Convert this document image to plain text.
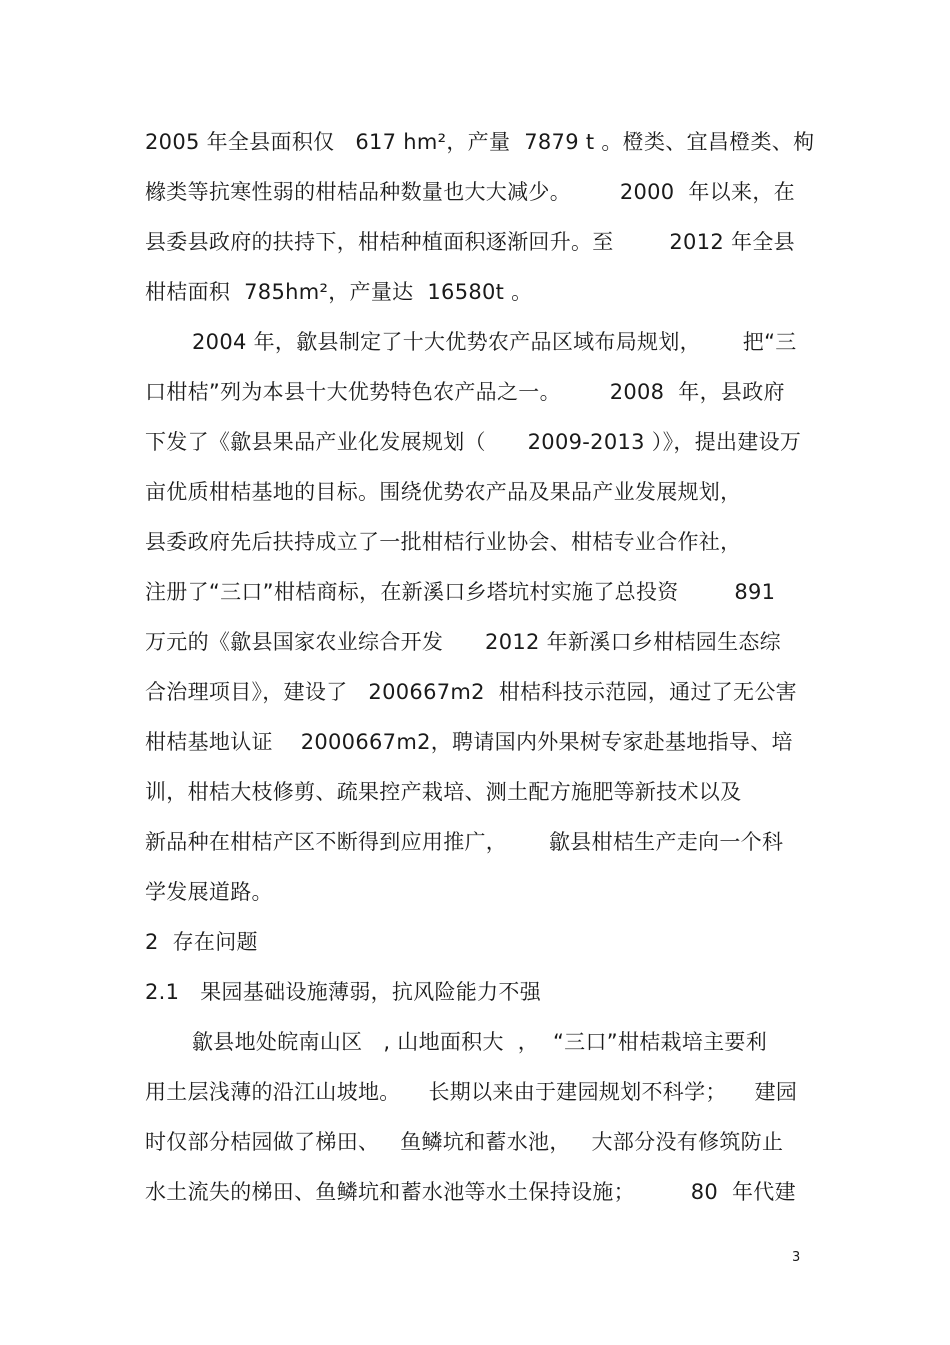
2005 年全县面积仅   617 hm²，产量  7879 t 。橙类、宜昌橙类、枸
橼类等抗寒性弱的柑桔品种数量也大大减少。       2000  年以来，在
县委县政府的扶持下，柑桔种植面积逐渐回升。至        2012 年全县
柑桔面积  785hm²，产量达  16580t 。
2004 年，歙县制定了十大优势农产品区域布局规划，      把“三
口柑桔”列为本县十大优势特色农产品之一。       2008  年，县政府
下发了《歙县果品产业化发展规划（      2009-2013 ）》，提出建设万
亩优质柑桔基地的目标。围绕优势农产品及果品产业发展规划，
县委政府先后扶持成立了一批柑桔行业协会、柑桔专业合作社，
注册了“三口”柑桔商标，在新溪口乡塔坑村实施了总投资        891
万元的《歙县国家农业综合开发      2012 年新溪口乡柑桔园生态综
合治理项目》，建设了   200667m2  柑桔科技示范园，通过了无公害
柑桔基地认证    2000667m2，聘请国内外果树专家赴基地指导、培
训，柑桔大枝修剪、疏果控产栽培、测土配方施肥等新技术以及
新品种在柑桔产区不断得到应用推广，      歙县柑桔生产走向一个科
学发展道路。
2  存在问题
2.1   果园基础设施薄弱，抗风险能力不强
歙县地处皖南山区   , 山地面积大  ，  “三口”柑桔栽培主要利
用土层浅薄的沿江山坡地。    长期以来由于建园规划不科学；    建园
时仅部分桔园做了梯田、   鱼鳞坑和蓄水池，   大部分没有修筑防止
水土流失的梯田、鱼鳞坑和蓄水池等水土保持设施；        80  年代建
3
